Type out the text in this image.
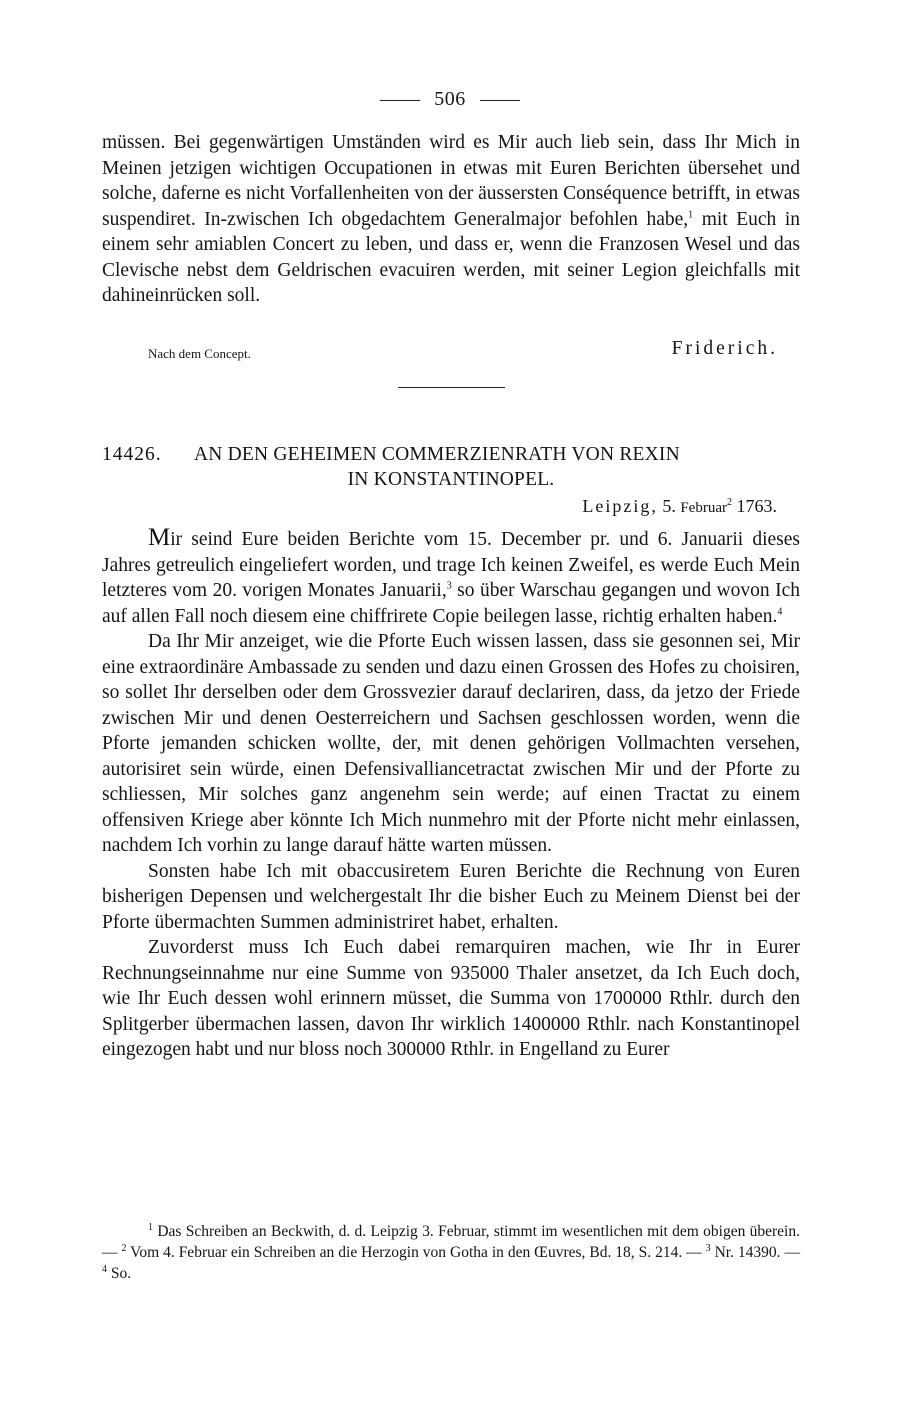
506

müssen. Bei gegenwärtigen Umständen wird es Mir auch lieb sein, dass Ihr Mich in Meinen jetzigen wichtigen Occupationen in etwas mit Euren Berichten übersehet und solche, daferne es nicht Vorfallenheiten von der äussersten Conséquence betrifft, in etwas suspendiret. In-zwischen Ich obgedachtem Generalmajor befohlen habe,$^1$ mit Euch in einem sehr amiablen Concert zu leben, und dass er, wenn die Franzosen Wesel und das Clevische nebst dem Geldrischen evacuiren werden, mit seiner Legion gleichfalls mit dahineinrücken soll.

Nach dem Concept.	Friderich.
14426.	AN DEN GEHEIMEN COMMERZIENRATH VON REXIN
IN KONSTANTINOPEL.
Leipzig, 5. Februar$^2$ 1763.

Mir seind Eure beiden Berichte vom 15. December pr. und 6. Januarii dieses Jahres getreulich eingeliefert worden, und trage Ich keinen Zweifel, es werde Euch Mein letzteres vom 20. vorigen Monates Januarii,$^3$ so über Warschau gegangen und wovon Ich auf allen Fall noch diesem eine chiffrirete Copie beilegen lasse, richtig erhalten haben.$^4$

Da Ihr Mir anzeiget, wie die Pforte Euch wissen lassen, dass sie gesonnen sei, Mir eine extraordinäre Ambassade zu senden und dazu einen Grossen des Hofes zu choisiren, so sollet Ihr derselben oder dem Grossvezier darauf declariren, dass, da jetzo der Friede zwischen Mir und denen Oesterreichern und Sachsen geschlossen worden, wenn die Pforte jemanden schicken wollte, der, mit denen gehörigen Vollmachten versehen, autorisiret sein würde, einen Defensivalliancetractat zwischen Mir und der Pforte zu schliessen, Mir solches ganz angenehm sein werde; auf einen Tractat zu einem offensiven Kriege aber könnte Ich Mich nunmehro mit der Pforte nicht mehr einlassen, nachdem Ich vorhin zu lange darauf hätte warten müssen.

Sonsten habe Ich mit obaccusiretem Euren Berichte die Rechnung von Euren bisherigen Depensen und welchergestalt Ihr die bisher Euch zu Meinem Dienst bei der Pforte übermachten Summen administriret habet, erhalten.

Zuvorderst muss Ich Euch dabei remarquiren machen, wie Ihr in Eurer Rechnungseinnahme nur eine Summe von 935000 Thaler ansetzet, da Ich Euch doch, wie Ihr Euch dessen wohl erinnern müsset, die Summa von 1700000 Rthlr. durch den Splitgerber übermachen lassen, davon Ihr wirklich 1400000 Rthlr. nach Konstantinopel eingezogen habt und nur bloss noch 300000 Rthlr. in Engelland zu Eurer

$^1$ Das Schreiben an Beckwith, d. d. Leipzig 3. Februar, stimmt im wesentlichen mit dem obigen überein. — $^2$ Vom 4. Februar ein Schreiben an die Herzogin von Gotha in den Œuvres, Bd. 18, S. 214. — $^3$ Nr. 14390. — $^4$ So.
